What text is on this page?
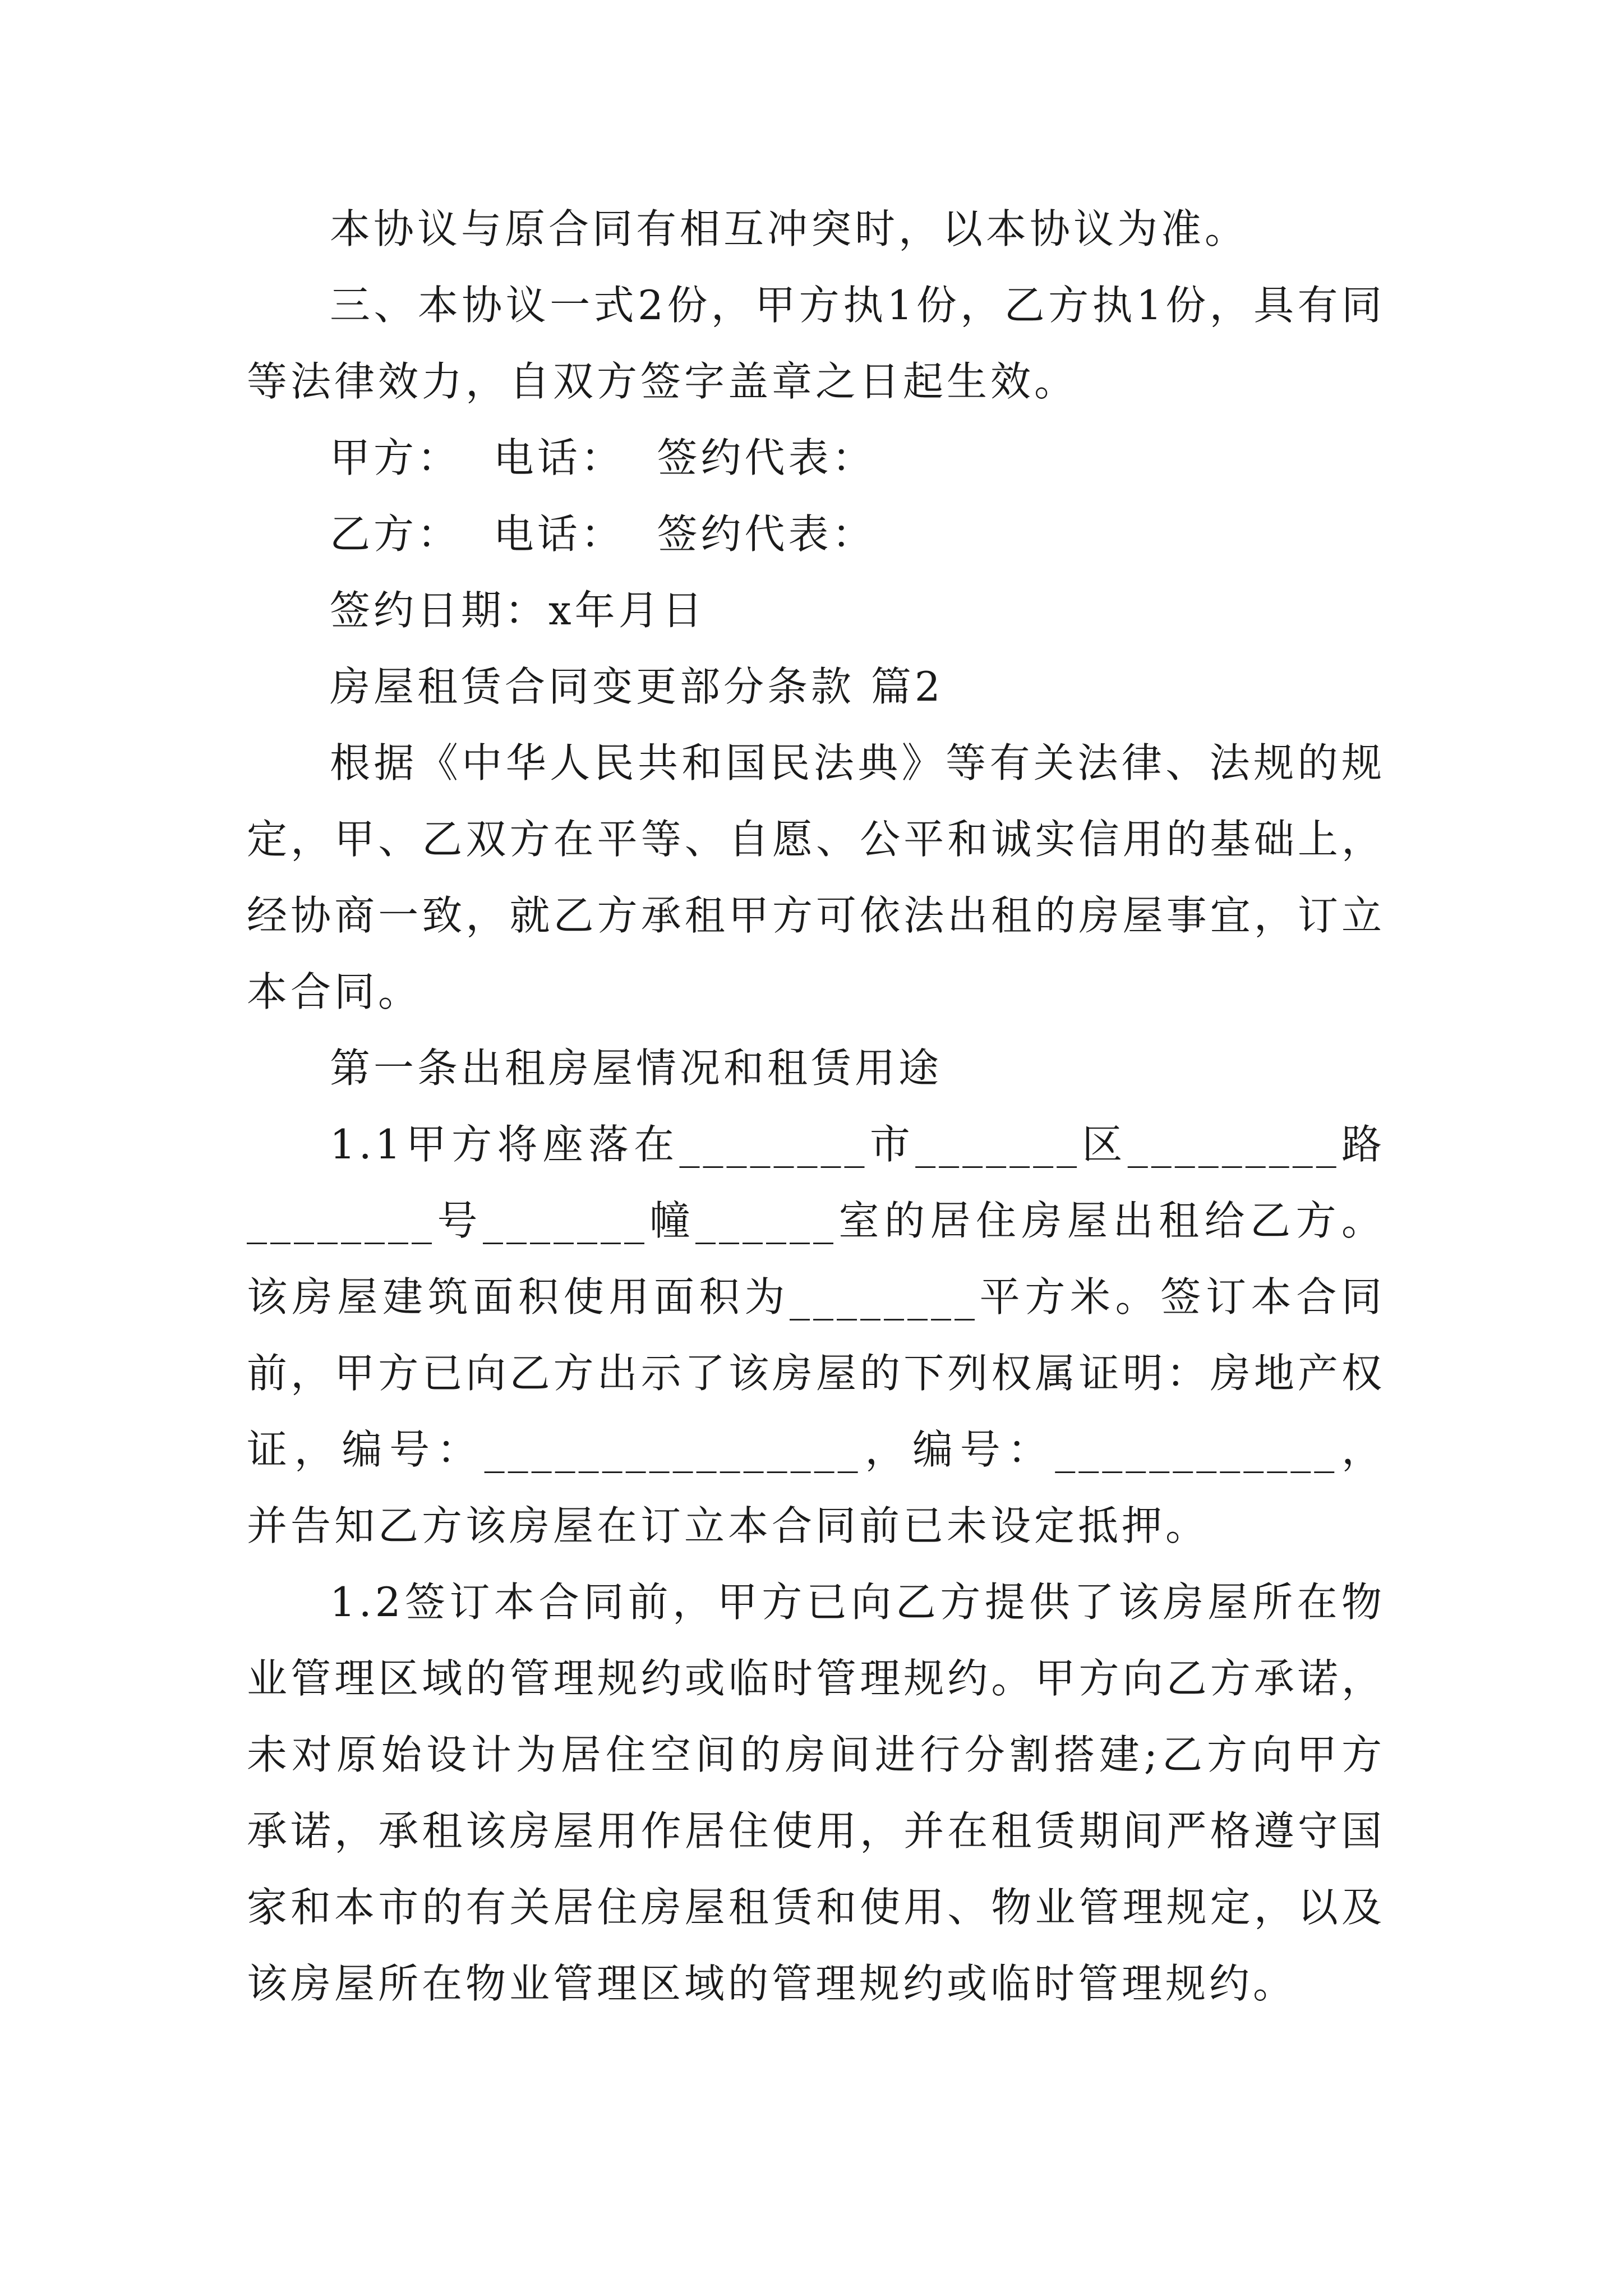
本协议与原合同有相互冲突时，以本协议为准。

三、本协议一式2份，甲方执1份，乙方执1份，具有同等法律效力，自双方签字盖章之日起生效。

甲方：  电话：  签约代表：

乙方：  电话：  签约代表：

签约日期：x年月日

房屋租赁合同变更部分条款 篇2

根据《中华人民共和国民法典》等有关法律、法规的规定，甲、乙双方在平等、自愿、公平和诚实信用的基础上，经协商一致，就乙方承租甲方可依法出租的房屋事宜，订立本合同。

第一条出租房屋情况和租赁用途

1.1甲方将座落在________市_______区_________路________号_______幢______室的居住房屋出租给乙方。该房屋建筑面积使用面积为________平方米。签订本合同前，甲方已向乙方出示了该房屋的下列权属证明：房地产权证，编号：________________，编号：____________，并告知乙方该房屋在订立本合同前已未设定抵押。

1.2签订本合同前，甲方已向乙方提供了该房屋所在物业管理区域的管理规约或临时管理规约。甲方向乙方承诺，未对原始设计为居住空间的房间进行分割搭建;乙方向甲方承诺，承租该房屋用作居住使用，并在租赁期间严格遵守国家和本市的有关居住房屋租赁和使用、物业管理规定，以及该房屋所在物业管理区域的管理规约或临时管理规约。
